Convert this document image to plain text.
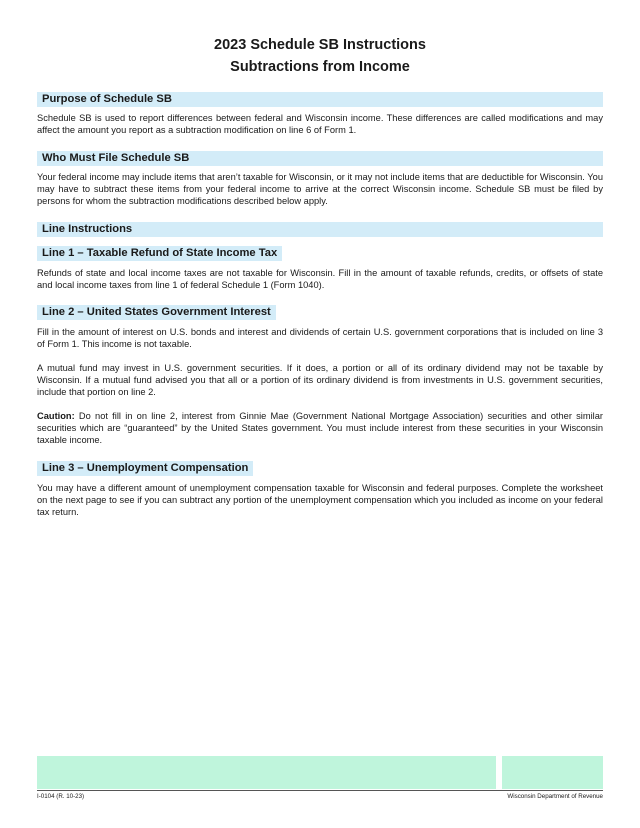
2023 Schedule SB Instructions
Subtractions from Income
Purpose of Schedule SB

Schedule SB is used to report differences between federal and Wisconsin income. These differences are called modifications and may affect the amount you report as a subtraction modification on line 6 of Form 1.

Who Must File Schedule SB

Your federal income may include items that aren’t taxable for Wisconsin, or it may not include items that are deductible for Wisconsin. You may have to subtract these items from your federal income to arrive at the correct Wisconsin income. Schedule SB must be filed by persons for whom the subtraction modifications described below apply.

Line Instructions
Line 1 – Taxable Refund of State Income Tax

Refunds of state and local income taxes are not taxable for Wisconsin. Fill in the amount of taxable refunds, credits, or offsets of state and local income taxes from line 1 of federal Schedule 1 (Form 1040).

Line 2 – United States Government Interest

Fill in the amount of interest on U.S. bonds and interest and dividends of certain U.S. government corporations that is included on line 3 of Form 1. This income is not taxable.

A mutual fund may invest in U.S. government securities. If it does, a portion or all of its ordinary dividend may not be taxable by Wisconsin. If a mutual fund advised you that all or a portion of its ordinary dividend is from investments in U.S. government securities, include that portion on line 2.

Caution: Do not fill in on line 2, interest from Ginnie Mae (Government National Mortgage Association) securities and other similar securities which are “guaranteed” by the United States government. You must include interest from these securities in your Wisconsin taxable income.

Line 3 – Unemployment Compensation

You may have a different amount of unemployment compensation taxable for Wisconsin and federal purposes. Complete the worksheet on the next page to see if you can subtract any portion of the unemployment compensation which you included as income on your federal tax return.

I-0104 (R. 10-23)	Wisconsin Department of Revenue
